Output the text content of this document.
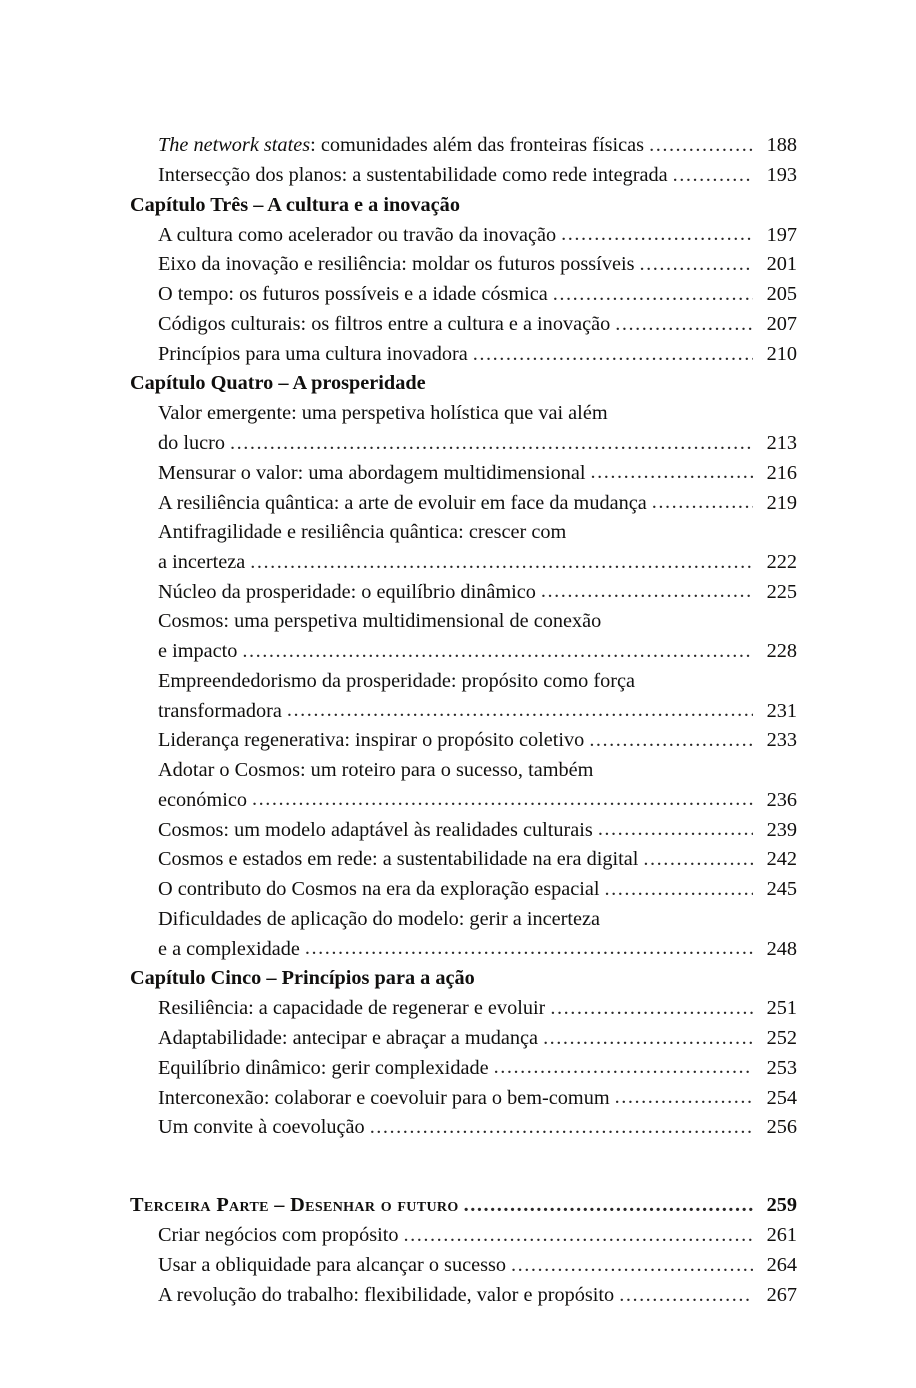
The network states: comunidades além das fronteiras físicas .....	188
Intersecção dos planos: a sustentabilidade como rede integrada .....	193
Capítulo Três – A cultura e a inovação
A cultura como acelerador ou travão da inovação .....	197
Eixo da inovação e resiliência: moldar os futuros possíveis .....	201
O tempo: os futuros possíveis e a idade cósmica .....	205
Códigos culturais: os filtros entre a cultura e a inovação .....	207
Princípios para uma cultura inovadora .....	210
Capítulo Quatro – A prosperidade
Valor emergente: uma perspetiva holística que vai além
do lucro .....	213
Mensurar o valor: uma abordagem multidimensional .....	216
A resiliência quântica: a arte de evoluir em face da mudança .....	219
Antifragilidade e resiliência quântica: crescer com
a incerteza .....	222
Núcleo da prosperidade: o equilíbrio dinâmico .....	225
Cosmos: uma perspetiva multidimensional de conexão
e impacto .....	228
Empreendedorismo da prosperidade: propósito como força
transformadora .....	231
Liderança regenerativa: inspirar o propósito coletivo .....	233
Adotar o Cosmos: um roteiro para o sucesso, também
económico .....	236
Cosmos: um modelo adaptável às realidades culturais .....	239
Cosmos e estados em rede: a sustentabilidade na era digital .....	242
O contributo do Cosmos na era da exploração espacial .....	245
Dificuldades de aplicação do modelo: gerir a incerteza
e a complexidade .....	248
Capítulo Cinco – Princípios para a ação
Resiliência: a capacidade de regenerar e evoluir .....	251
Adaptabilidade: antecipar e abraçar a mudança .....	252
Equilíbrio dinâmico: gerir complexidade .....	253
Interconexão: colaborar e coevoluir para o bem-comum .....	254
Um convite à coevolução .....	256
Terceira Parte – Desenhar o futuro .....	259
Criar negócios com propósito .....	261
Usar a obliquidade para alcançar o sucesso .....	264
A revolução do trabalho: flexibilidade, valor e propósito .....	267
